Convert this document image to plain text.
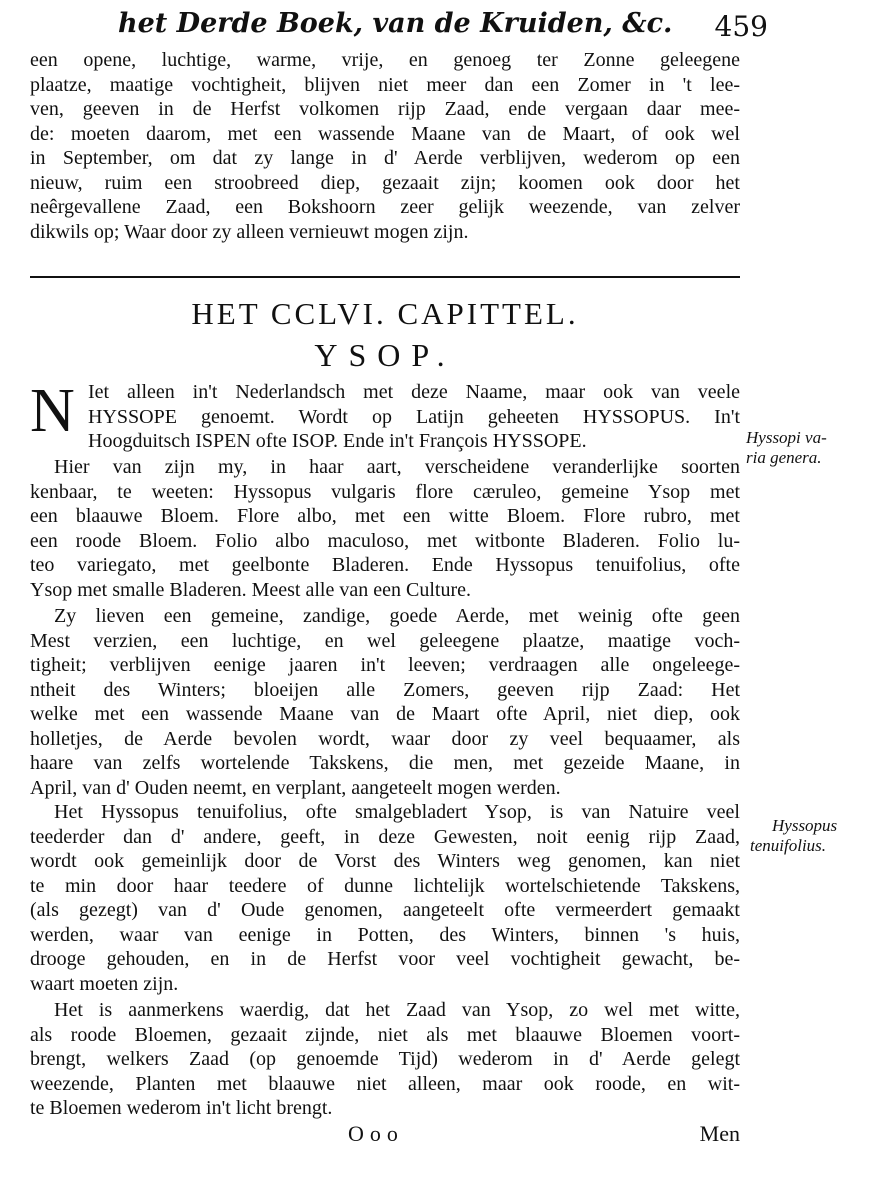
het Derde Boek, van de Kruiden, &c. 459
een opene, luchtige, warme, vrije, en genoeg ter Zonne geleegene
plaatze, maatige vochtigheit, blijven niet meer dan een Zomer in 't lee-
ven, geeven in de Herfst volkomen rijp Zaad, ende vergaan daar mee-
de: moeten daarom, met een wassende Maane van de Maart, of ook wel
in September, om dat zy lange in d' Aerde verblijven, wederom op een
nieuw, ruim een stroobreed diep, gezaait zijn; koomen ook door het
neêrgevallene Zaad, een Bokshoorn zeer gelijk weezende, van zelver
dikwils op; Waar door zy alleen vernieuwt mogen zijn.
HET CCLVI. CAPITTEL.
YSOP.
N Iet alleen in't Nederlandsch met deze Naame, maar ook van veele
HYSSOPE genoemt. Wordt op Latijn geheeten HYSSOPUS. In't
Hoogduitsch ISPEN ofte ISOP. Ende in't François HYSSOPE.
Hier van zijn my, in haar aart, verscheidene veranderlijke soorten
kenbaar, te weeten: Hyssopus vulgaris flore cæruleo, gemeine Ysop met
een blaauwe Bloem. Flore albo, met een witte Bloem. Flore rubro, met
een roode Bloem. Folio albo maculoso, met witbonte Bladeren. Folio lu-
teo variegato, met geelbonte Bladeren. Ende Hyssopus tenuifolius, ofte
Ysop met smalle Bladeren. Meest alle van een Culture.
Zy lieven een gemeine, zandige, goede Aerde, met weinig ofte geen
Mest verzien, een luchtige, en wel geleegene plaatze, maatige voch-
tigheit; verblijven eenige jaaren in't leeven; verdraagen alle ongeleege-
ntheit des Winters; bloeijen alle Zomers, geeven rijp Zaad: Het
welke met een wassende Maane van de Maart ofte April, niet diep, ook
holletjes, de Aerde bevolen wordt, waar door zy veel bequaamer, als
haare van zelfs wortelende Takskens, die men, met gezeide Maane, in
April, van d' Ouden neemt, en verplant, aangeteelt mogen werden.
Het Hyssopus tenuifolius, ofte smalgebladert Ysop, is van Natuire veel
teederder dan d' andere, geeft, in deze Gewesten, noit eenig rijp Zaad,
wordt ook gemeinlijk door de Vorst des Winters weg genomen, kan niet
te min door haar teedere of dunne lichtelijk wortelschietende Takskens,
(als gezegt) van d' Oude genomen, aangeteelt ofte vermeerdert gemaakt
werden, waar van eenige in Potten, des Winters, binnen 's huis,
drooge gehouden, en in de Herfst voor veel vochtigheit gewacht, be-
waart moeten zijn.
Het is aanmerkens waerdig, dat het Zaad van Ysop, zo wel met witte,
als roode Bloemen, gezaait zijnde, niet als met blaauwe Bloemen voort-
brengt, welkers Zaad (op genoemde Tijd) wederom in d' Aerde gelegt
weezende, Planten met blaauwe niet alleen, maar ook roode, en wit-
te Bloemen wederom in't licht brengt.
Hyssopi va-
ria genera.
Hyssopus
tenuifolius.
Ooo	Men
